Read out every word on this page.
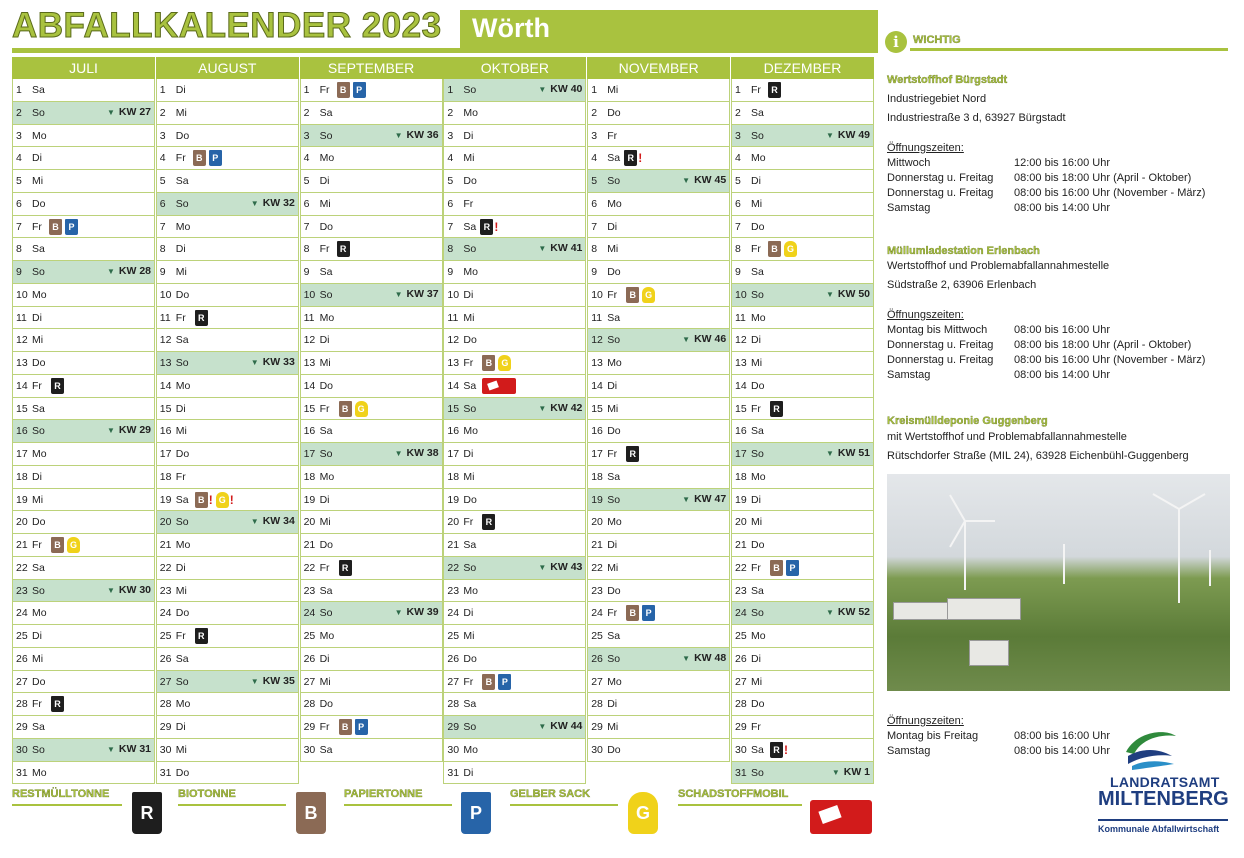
ABFALLKALENDER 2023 Wörth
JULI
1 Sa
2 So	▼ KW 27
3 Mo
4 Di
5 Mi
6 Do
7 Fr	B	P
8 Sa
9 So	▼ KW 28
10 Mo
11 Di
12 Mi
13 Do
14 Fr	R
15 Sa
16 So	▼ KW 29
17 Mo
18 Di
19 Mi
20 Do
21 Fr	B	G
22 Sa
23 So	▼ KW 30
24 Mo
25 Di
26 Mi
27 Do
28 Fr	R
29 Sa
30 So	▼ KW 31
31 Mo
AUGUST
1 Di
2 Mi
3 Do
4 Fr	B	P
5 Sa
6 So	▼ KW 32
7 Mo
8 Di
9 Mi
10 Do
11 Fr	R
12 Sa
13 So	▼ KW 33
14 Mo
15 Di
16 Mi
17 Do
18 Fr
19 Sa	B ! G !
20 So	▼ KW 34
21 Mo
22 Di
23 Mi
24 Do
25 Fr	R
26 Sa
27 So	▼ KW 35
28 Mo
29 Di
30 Mi
31 Do
SEPTEMBER
1 Fr	B	P
2 Sa
3 So	▼ KW 36
4 Mo
5 Di
6 Mi
7 Do
8 Fr	R
9 Sa
10 So	▼ KW 37
11 Mo
12 Di
13 Mi
14 Do
15 Fr	B	G
16 Sa
17 So	▼ KW 38
18 Mo
19 Di
20 Mi
21 Do
22 Fr	R
23 Sa
24 So	▼ KW 39
25 Mo
26 Di
27 Mi
28 Do
29 Fr	B	P
30 Sa
OKTOBER
1 So	▼ KW 40
2 Mo
3 Di
4 Mi
5 Do
6 Fr
7 Sa R !
8 So	▼ KW 41
9 Mo
10 Di
11 Mi
12 Do
13 Fr	B	G
14 Sa
15 So	▼ KW 42
16 Mo
17 Di
18 Mi
19 Do
20 Fr	R
21 Sa
22 So	▼ KW 43
23 Mo
24 Di
25 Mi
26 Do
27 Fr	B	P
28 Sa
29 So	▼ KW 44
30 Mo
31 Di
NOVEMBER
1 Mi
2 Do
3 Fr
4 Sa R !
5 So	▼ KW 45
6 Mo
7 Di
8 Mi
9 Do
10 Fr	B	G
11 Sa
12 So	▼ KW 46
13 Mo
14 Di
15 Mi
16 Do
17 Fr	R
18 Sa
19 So	▼ KW 47
20 Mo
21 Di
22 Mi
23 Do
24 Fr	B	P
25 Sa
26 So	▼ KW 48
27 Mo
28 Di
29 Mi
30 Do
DEZEMBER
1 Fr	R
2 Sa
3 So	▼ KW 49
4 Mo
5 Di
6 Mi
7 Do
8 Fr	B	G
9 Sa
10 So	▼ KW 50
11 Mo
12 Di
13 Mi
14 Do
15 Fr	R
16 Sa
17 So	▼ KW 51
18 Mo
19 Di
20 Mi
21 Do
22 Fr	B	P
23 Sa
24 So	▼ KW 52
25 Mo
26 Di
27 Mi
28 Do
29 Fr
30 Sa	R !
31 So	▼ KW 1
RESTMÜLLTONNE
R
BIOTONNE
B
PAPIERTONNE
P
GELBER SACK
G
SCHADSTOFFMOBIL
i	WICHTIG
Wertstoffhof Bürgstadt
Industriegebiet Nord
Industriestraße 3 d, 63927 Bürgstadt
Öffnungszeiten:
Mittwoch	12:00 bis 16:00 Uhr
Donnerstag u. Freitag	08:00 bis 18:00 Uhr (April - Oktober)
Donnerstag u. Freitag	08:00 bis 16:00 Uhr (November - März)
Samstag	08:00 bis 14:00 Uhr
Müllumladestation Erlenbach
Wertstoffhof und Problemabfallannahmestelle
Südstraße 2, 63906 Erlenbach
Öffnungszeiten:
Montag bis Mittwoch	08:00 bis 16:00 Uhr
Donnerstag u. Freitag	08:00 bis 18:00 Uhr (April - Oktober)
Donnerstag u. Freitag	08:00 bis 16:00 Uhr (November - März)
Samstag	08:00 bis 14:00 Uhr
Kreismülldeponie Guggenberg
mit Wertstoffhof und Problemabfallannahmestelle
Rütschdorfer Straße (MIL 24), 63928 Eichenbühl-Guggenberg
Öffnungszeiten:
Montag bis Freitag	08:00 bis 16:00 Uhr
Samstag	08:00 bis 14:00 Uhr
LANDRATSAMT
MILTENBERG
Kommunale Abfallwirtschaft
